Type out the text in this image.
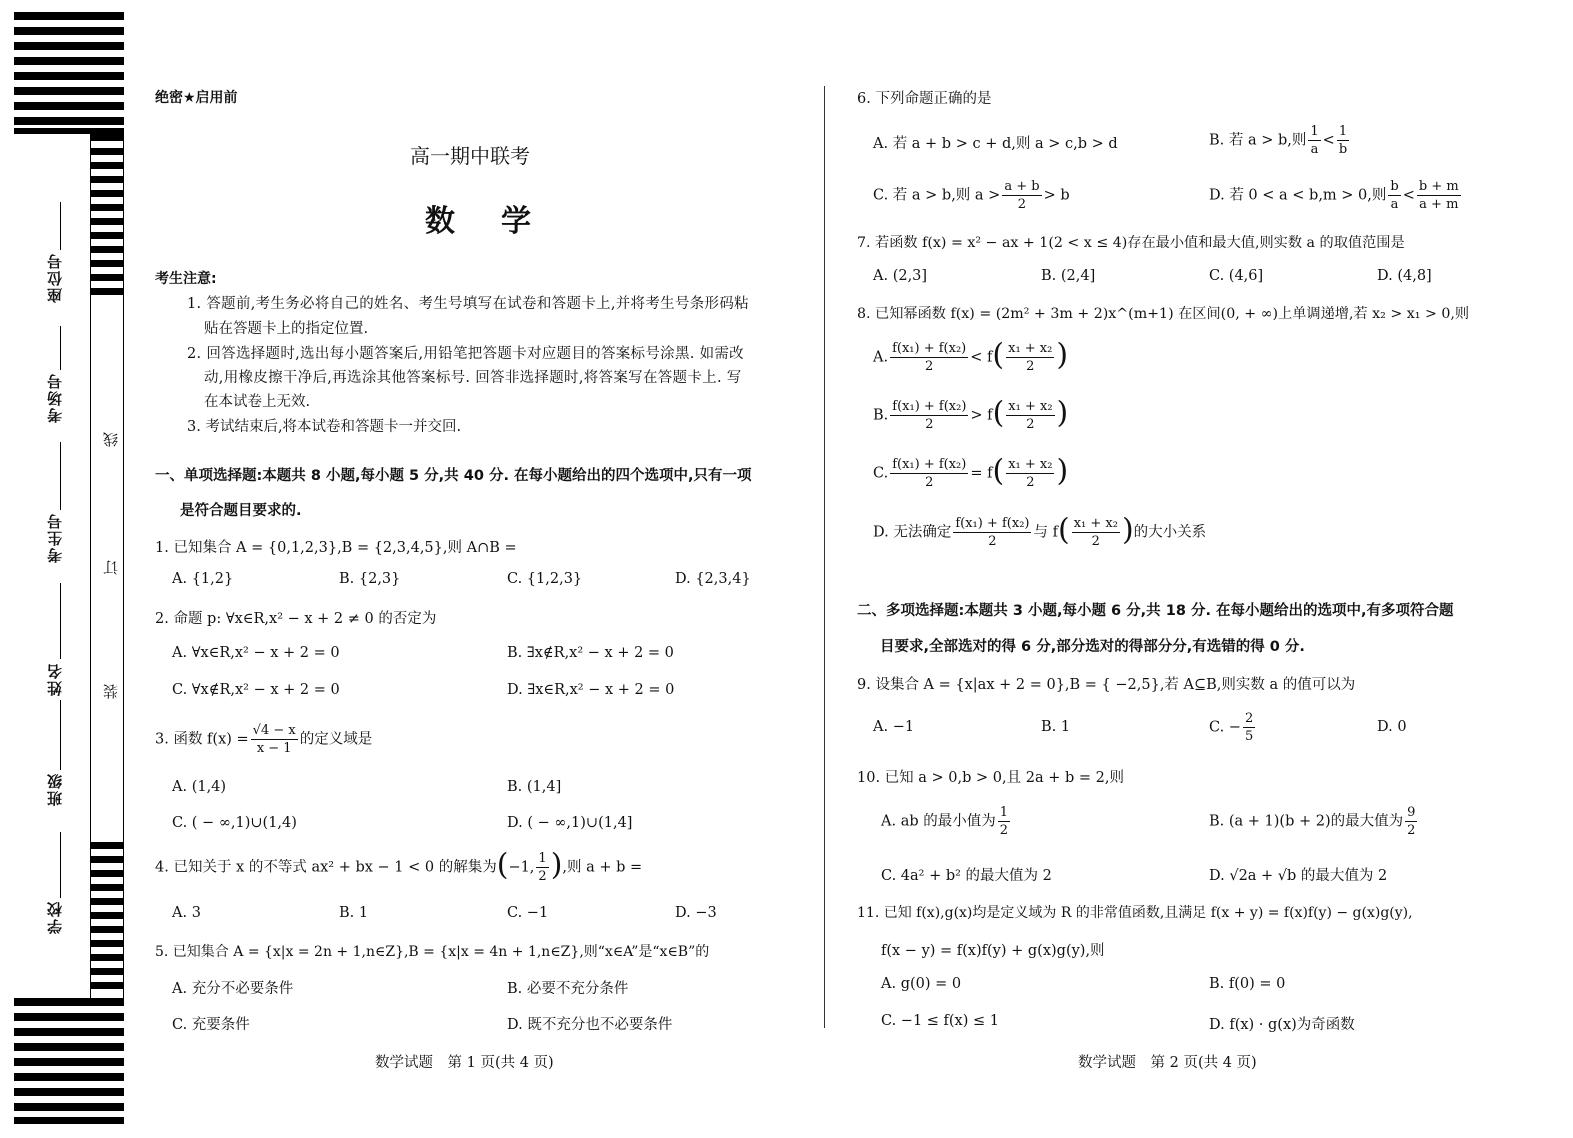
座位号
考场号
考生号
姓名
班级
学校
线
订
装
绝密★启用前
高一期中联考
数　学
考生注意:
1. 答题前,考生务必将自己的姓名、考生号填写在试卷和答题卡上,并将考生号条形码粘
贴在答题卡上的指定位置.
2. 回答选择题时,选出每小题答案后,用铅笔把答题卡对应题目的答案标号涂黑. 如需改
动,用橡皮擦干净后,再选涂其他答案标号. 回答非选择题时,将答案写在答题卡上. 写
在本试卷上无效.
3. 考试结束后,将本试卷和答题卡一并交回.
一、单项选择题:本题共 8 小题,每小题 5 分,共 40 分. 在每小题给出的四个选项中,只有一项
是符合题目要求的.
1. 已知集合 A = {0,1,2,3},B = {2,3,4,5},则 A∩B =
A. {1,2}	B. {2,3}	C. {1,2,3}	D. {2,3,4}
2. 命题 p: ∀x∈R,x² − x + 2 ≠ 0 的否定为
A. ∀x∈R,x² − x + 2 = 0	B. ∃x∉R,x² − x + 2 = 0
C. ∀x∉R,x² − x + 2 = 0	D. ∃x∈R,x² − x + 2 = 0
3. 函数 $f(x) = \frac{√4 - x}{x - 1}$ 的定义域是
A. (1,4)	B. (1,4]
C. ( − ∞,1)∪(1,4)	D. ( − ∞,1)∪(1,4]
4. 已知关于 x 的不等式 ax² + bx − 1 < 0 的解集为(−1, $\frac{1}{2}$ ),则 a + b =
A. 3	B. 1	C. −1	D. −3
5. 已知集合 A = {x|x = 2n + 1,n∈Z},B = {x|x = 4n + 1,n∈Z},则“x∈A”是“x∈B”的
A. 充分不必要条件	B. 必要不充分条件
C. 充要条件	D. 既不充分也不必要条件
数学试题　第 1 页(共 4 页)
6. 下列命题正确的是
A. 若 a + b > c + d,则 a > c,b > d	B. 若 a > b,则 $\frac{1}{a} < \frac{1}{b}$
C. 若 a > b,则 $a > \frac{a + b}{2} > b$	D. 若 0 < a < b,m > 0,则 $\frac{b}{a} < \frac{b + m}{a + m}$
7. 若函数 f(x) = x² − ax + 1(2 < x ≤ 4)存在最小值和最大值,则实数 a 的取值范围是
A. (2,3]	B. (2,4]	C. (4,6]	D. (4,8]
8. 已知幂函数 f(x) = (2m² + 3m + 2)x^(m+1) 在区间(0, + ∞)上单调递增,若 x₂ > x₁ > 0,则
A. $\frac{\text{f(x₁) + f(x₂)}}{2} < f( \frac{\text{x₁ + x₂}}{2}$ )
B. $\frac{\text{f(x₁) + f(x₂)}}{2} > f( \frac{\text{x₁ + x₂}}{2}$ )
C. $\frac{\text{f(x₁) + f(x₂)}}{2} = f( \frac{\text{x₁ + x₂}}{2}$ )
D. 无法确定 $\frac{\text{f(x₁) + f(x₂)}}{2}$ 与 $f( \frac{\text{x₁ + x₂}}{2}$ )的大小关系
二、多项选择题:本题共 3 小题,每小题 6 分,共 18 分. 在每小题给出的选项中,有多项符合题
目要求,全部选对的得 6 分,部分选对的得部分分,有选错的得 0 分.
9. 设集合 A = {x|ax + 2 = 0},B = { −2,5},若 A⊆B,则实数 a 的值可以为
A. −1	B. 1	C. − $\frac{2}{5}$	D. 0
10. 已知 a > 0,b > 0,且 2a + b = 2,则
A. ab 的最小值为 $\frac{1}{2}$	B. (a + 1)(b + 2)的最大值为 $\frac{9}{2}$
C. 4a² + b² 的最大值为 2	D. √2a + √b 的最大值为 2
11. 已知 f(x),g(x)均是定义域为 R 的非常值函数,且满足 f(x + y) = f(x)f(y) − g(x)g(y),
f(x − y) = f(x)f(y) + g(x)g(y),则
A. g(0) = 0	B. f(0) = 0
C. −1 ≤ f(x) ≤ 1	D. f(x) · g(x)为奇函数
数学试题　第 2 页(共 4 页)
